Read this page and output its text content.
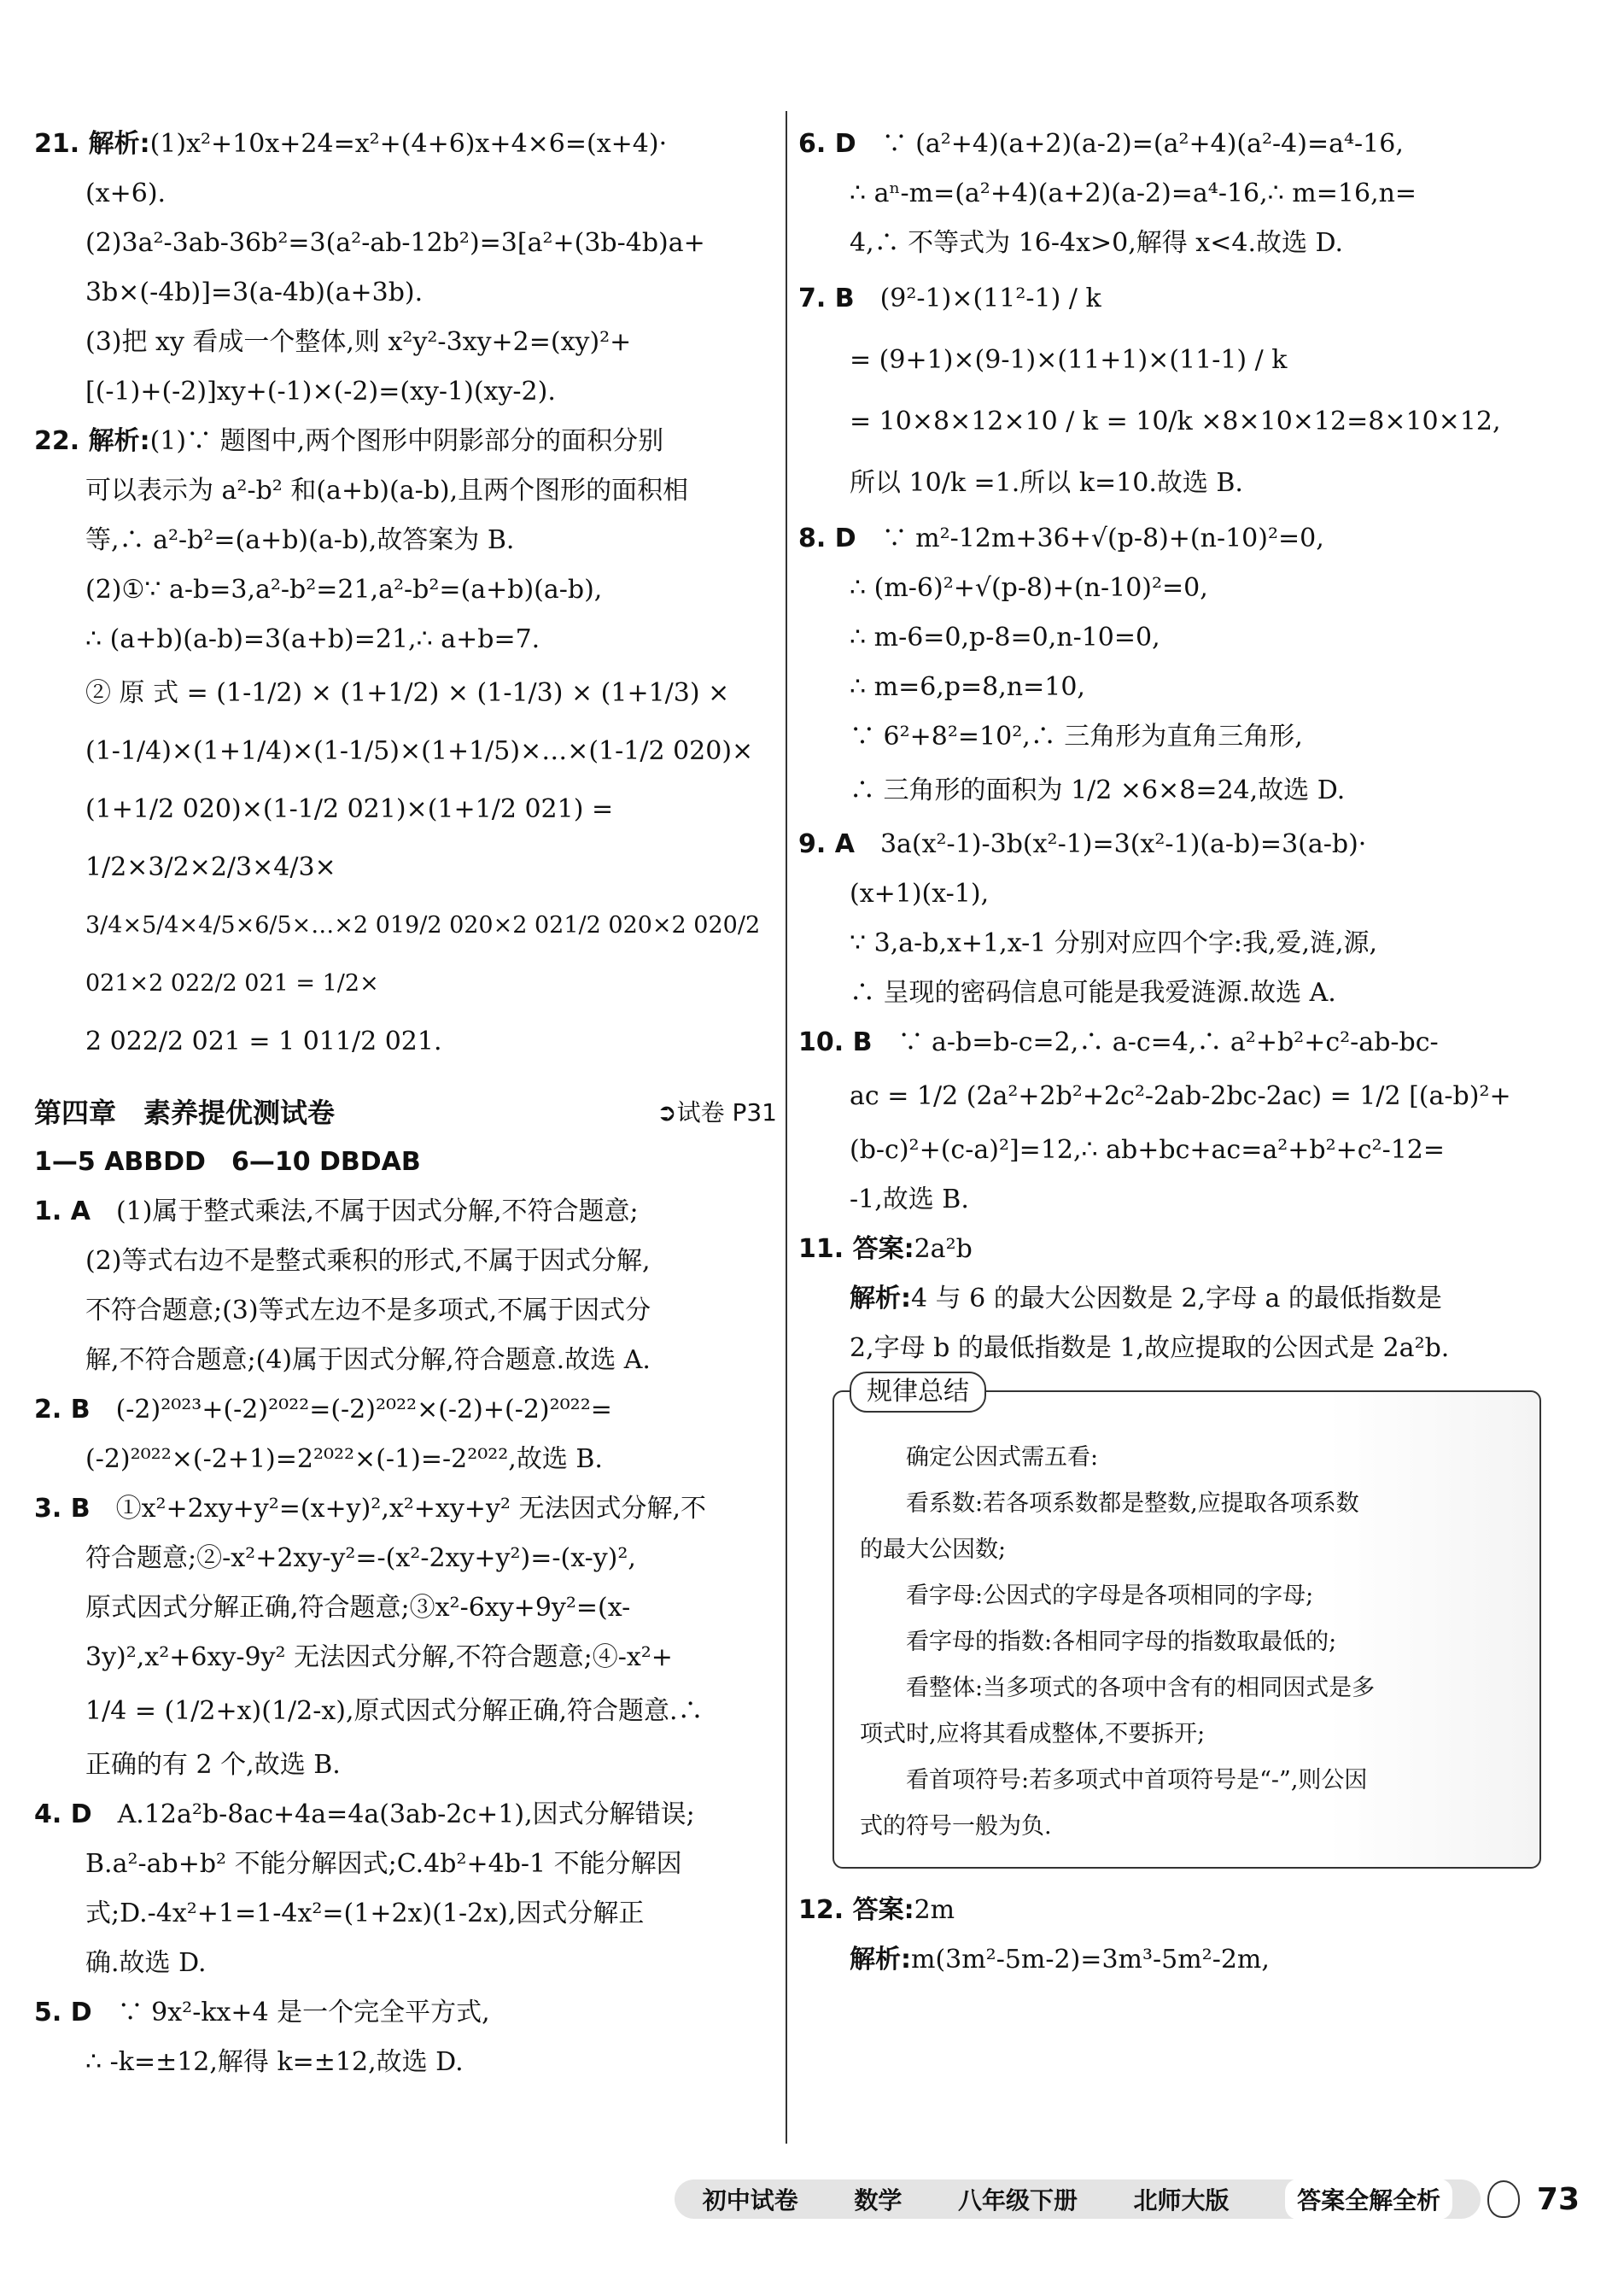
21. 解析:(1)x²+10x+24=x²+(4+6)x+4×6=(x+4)·

(x+6).

(2)3a²-3ab-36b²=3(a²-ab-12b²)=3[a²+(3b-4b)a+

3b×(-4b)]=3(a-4b)(a+3b).

(3)把 xy 看成一个整体,则 x²y²-3xy+2=(xy)²+

[(-1)+(-2)]xy+(-1)×(-2)=(xy-1)(xy-2).

22. 解析:(1)∵ 题图中,两个图形中阴影部分的面积分别

可以表示为 a²-b² 和(a+b)(a-b),且两个图形的面积相

等,∴ a²-b²=(a+b)(a-b),故答案为 B.

(2)①∵ a-b=3,a²-b²=21,a²-b²=(a+b)(a-b),

∴ (a+b)(a-b)=3(a+b)=21,∴ a+b=7.

② 原 式 = (1-1/2) × (1+1/2) × (1-1/3) × (1+1/3) ×

(1-1/4)×(1+1/4)×(1-1/5)×(1+1/5)×…×(1-1/2 020)×

(1+1/2 020)×(1-1/2 021)×(1+1/2 021) = 1/2×3/2×2/3×4/3×

3/4×5/4×4/5×6/5×…×2 019/2 020×2 021/2 020×2 020/2 021×2 022/2 021 = 1/2×

2 022/2 021 = 1 011/2 021.

第四章　素养提优测试卷	➲试卷 P31

1—5 ABBDD　6—10 DBDAB

1. A　 (1)属于整式乘法,不属于因式分解,不符合题意;

(2)等式右边不是整式乘积的形式,不属于因式分解,

不符合题意;(3)等式左边不是多项式,不属于因式分

解,不符合题意;(4)属于因式分解,符合题意.故选 A.

2. B　 (-2)²⁰²³+(-2)²⁰²²=(-2)²⁰²²×(-2)+(-2)²⁰²²=

(-2)²⁰²²×(-2+1)=2²⁰²²×(-1)=-2²⁰²²,故选 B.

3. B　 ①x²+2xy+y²=(x+y)²,x²+xy+y² 无法因式分解,不

符合题意;②-x²+2xy-y²=-(x²-2xy+y²)=-(x-y)²,

原式因式分解正确,符合题意;③x²-6xy+9y²=(x-

3y)²,x²+6xy-9y² 无法因式分解,不符合题意;④-x²+

1/4 = (1/2+x)(1/2-x),原式因式分解正确,符合题意.∴

正确的有 2 个,故选 B.

4. D　 A.12a²b-8ac+4a=4a(3ab-2c+1),因式分解错误;

B.a²-ab+b² 不能分解因式;C.4b²+4b-1 不能分解因

式;D.-4x²+1=1-4x²=(1+2x)(1-2x),因式分解正

确.故选 D.

5. D　 ∵ 9x²-kx+4 是一个完全平方式,

∴ -k=±12,解得 k=±12,故选 D.

6. D　 ∵ (a²+4)(a+2)(a-2)=(a²+4)(a²-4)=a⁴-16,

∴ aⁿ-m=(a²+4)(a+2)(a-2)=a⁴-16,∴ m=16,n=

4,∴ 不等式为 16-4x>0,解得 x<4.故选 D.

7. B　 (9²-1)×(11²-1) / k

= (9+1)×(9-1)×(11+1)×(11-1) / k

= 10×8×12×10 / k = 10/k ×8×10×12=8×10×12,

所以 10/k =1.所以 k=10.故选 B.

8. D　 ∵ m²-12m+36+√(p-8)+(n-10)²=0,

∴ (m-6)²+√(p-8)+(n-10)²=0,

∴ m-6=0,p-8=0,n-10=0,

∴ m=6,p=8,n=10,

∵ 6²+8²=10²,∴ 三角形为直角三角形,

∴ 三角形的面积为 1/2 ×6×8=24,故选 D.

9. A　 3a(x²-1)-3b(x²-1)=3(x²-1)(a-b)=3(a-b)·

(x+1)(x-1),

∵ 3,a-b,x+1,x-1 分别对应四个字:我,爱,涟,源,

∴ 呈现的密码信息可能是我爱涟源.故选 A.

10. B　 ∵ a-b=b-c=2,∴ a-c=4,∴ a²+b²+c²-ab-bc-

ac = 1/2 (2a²+2b²+2c²-2ab-2bc-2ac) = 1/2 [(a-b)²+

(b-c)²+(c-a)²]=12,∴ ab+bc+ac=a²+b²+c²-12=

-1,故选 B.

11. 答案:2a²b

解析:4 与 6 的最大公因数是 2,字母 a 的最低指数是

2,字母 b 的最低指数是 1,故应提取的公因式是 2a²b.

规律总结

确定公因式需五看:

看系数:若各项系数都是整数,应提取各项系数

的最大公因数;

看字母:公因式的字母是各项相同的字母;

看字母的指数:各相同字母的指数取最低的;

看整体:当多项式的各项中含有的相同因式是多

项式时,应将其看成整体,不要拆开;

看首项符号:若多项式中首项符号是“-”,则公因

式的符号一般为负.

12. 答案:2m

解析:m(3m²-5m-2)=3m³-5m²-2m,

初中试卷 数学 八年级下册 北师大版	答案全解全析	73
